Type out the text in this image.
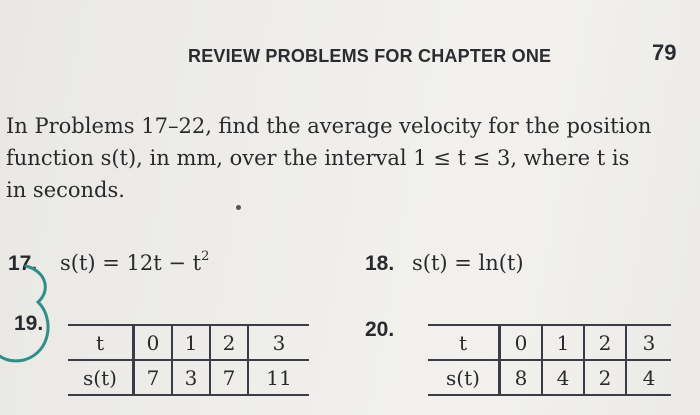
REVIEW PROBLEMS FOR CHAPTER ONE	79
In Problems 17–22, find the average velocity for the position
function s(t), in mm, over the interval 1 ≤ t ≤ 3, where t is
in seconds.
17. $s(t) = 12t - t^2$	18. s(t) = ln(t)
19.
t	0	1	2	3
s(t)	7	3	7	11
20.
t	0	1	2	3
s(t)	8	4	2	4
